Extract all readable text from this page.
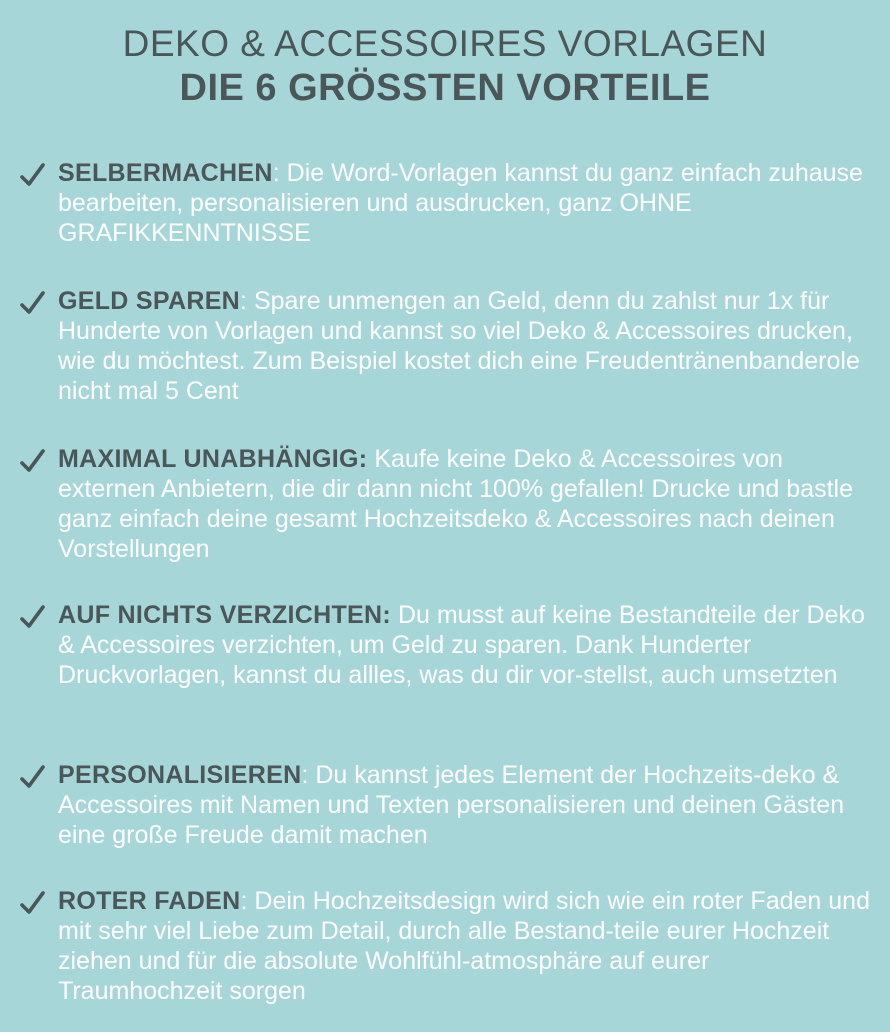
DEKO & ACCESSOIRES VORLAGEN
DIE 6 GRÖSSTEN VORTEILE
SELBERMACHEN: Die Word-Vorlagen kannst du ganz einfach zuhause bearbeiten, personalisieren und ausdrucken, ganz OHNE GRAFIKKENNTNISSE
GELD SPAREN: Spare unmengen an Geld, denn du zahlst nur 1x für Hunderte von Vorlagen und kannst so viel Deko & Accessoires drucken, wie du möchtest. Zum Beispiel kostet dich eine Freudentränenbanderole nicht mal 5 Cent
MAXIMAL UNABHÄNGIG: Kaufe keine Deko & Accessoires von externen Anbietern, die dir dann nicht 100% gefallen! Drucke und bastle ganz einfach deine gesamt Hochzeitsdeko & Accessoires nach deinen Vorstellungen
AUF NICHTS VERZICHTEN: Du musst auf keine Bestandteile der Deko & Accessoires verzichten, um Geld zu sparen. Dank Hunderter Druckvorlagen, kannst du allles, was du dir vor-stellst, auch umsetzten
PERSONALISIEREN: Du kannst jedes Element der Hochzeits-deko & Accessoires mit Namen und Texten personalisieren und deinen Gästen eine große Freude damit machen
ROTER FADEN: Dein Hochzeitsdesign wird sich wie ein roter Faden und mit sehr viel Liebe zum Detail, durch alle Bestand-teile eurer Hochzeit ziehen und für die absolute Wohlfühl-atmosphäre auf eurer Traumhochzeit sorgen
